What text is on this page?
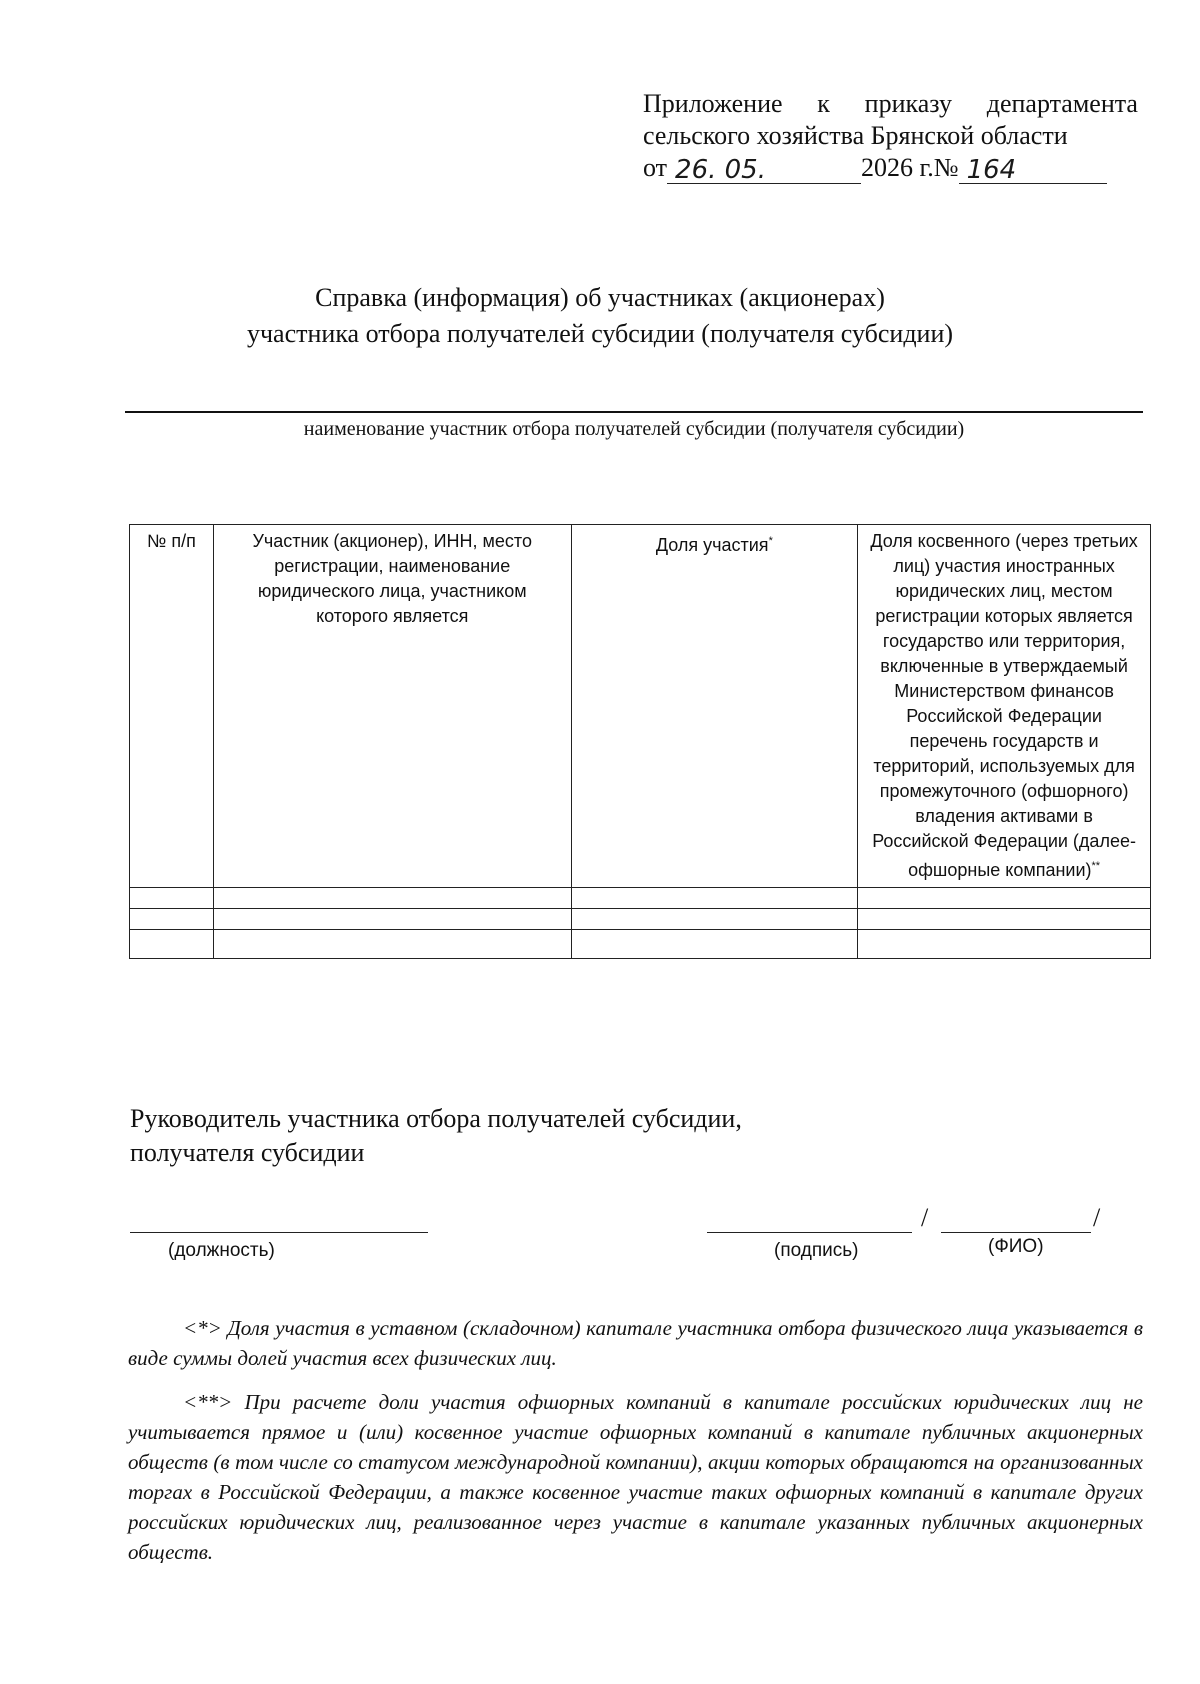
Приложение к приказу департамента
сельского хозяйства Брянской области
от 26. 05.	2026 г. № 164
Справка (информация) об участниках (акционерах)
участника отбора получателей субсидии (получателя субсидии)
наименование участник отбора получателей субсидии (получателя субсидии)
№ п/п	Участник (акционер), ИНН, место регистрации, наименование юридического лица, участником которого является	Доля участия*	Доля косвенного (через третьих лиц) участия иностранных юридических лиц, местом регистрации которых является государство или территория, включенные в утверждаемый Министерством финансов Российской Федерации перечень государств и территорий, используемых для промежуточного (офшорного) владения активами в Российской Федерации (далее- офшорные компании)**

Руководитель участника отбора получателей субсидии,
получателя субсидии
/	/
(должность)	(подпись)	(ФИО)
<*> Доля участия в уставном (складочном) капитале участника отбора физического лица указывается в виде суммы долей участия всех физических лиц.
<**> При расчете доли участия офшорных компаний в капитале российских юридических лиц не учитывается прямое и (или) косвенное участие офшорных компаний в капитале публичных акционерных обществ (в том числе со статусом международной компании), акции которых обращаются на организованных торгах в Российской Федерации, а также косвенное участие таких офшорных компаний в капитале других российских юридических лиц, реализованное через участие в капитале указанных публичных акционерных обществ.
